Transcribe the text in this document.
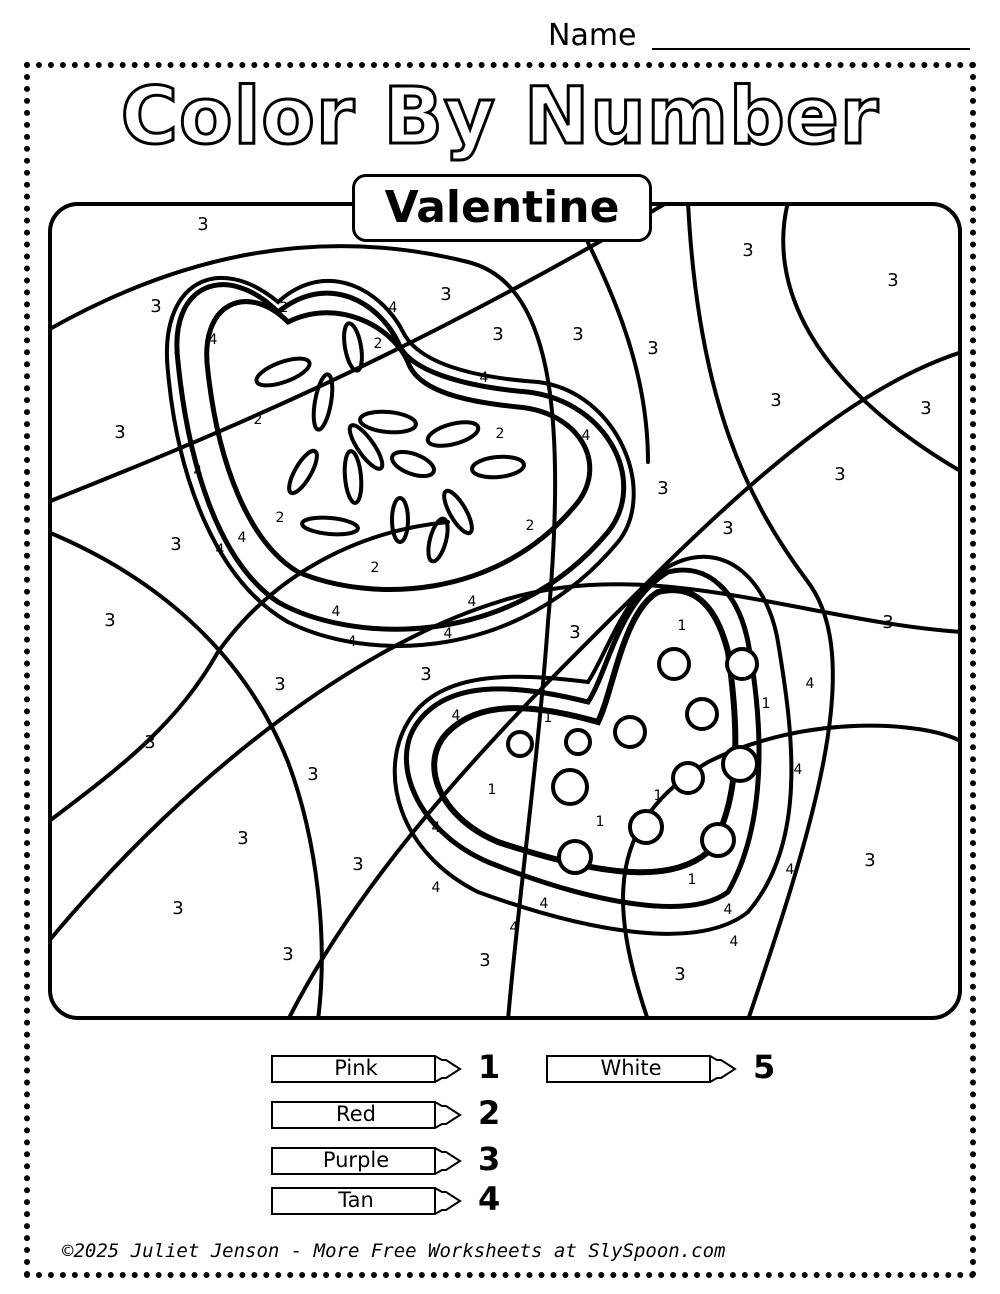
Name
Color By Number
Valentine
3
3
3
3	3
3
3
3
3
3
3
3
3
3
3
3
3	3
3	3
3
3
3
3
3
3
3
3
3
4
4
4
4
4
4
4
4
4
4	4
4
4
4
4
4
4
4
4
4
4
2
2
2
2
2	2
2
1
1
1
1	1
1
1
Pink	1
Red	2
Purple	3
Tan	4
White	5
©2025 Juliet Jenson - More Free Worksheets at SlySpoon.com
